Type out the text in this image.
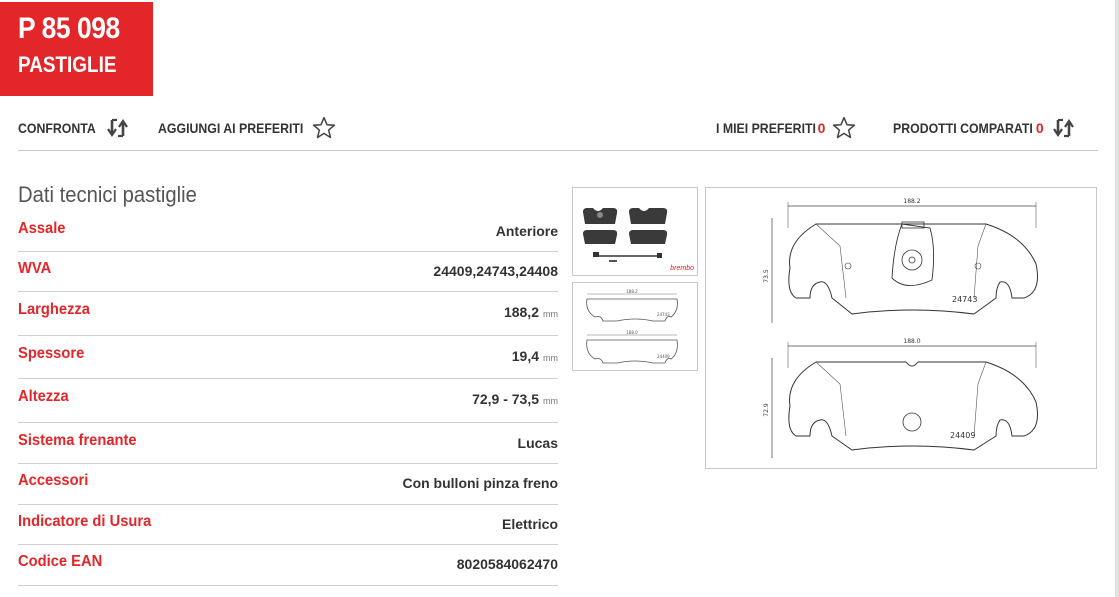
P 85 098
PASTIGLIE
CONFRONTA	AGGIUNGI AI PREFERITI	I MIEI PREFERITI 0	PRODOTTI COMPARATI 0
Dati tecnici pastiglie
Assale	Anteriore
WVA	24409,24743,24408
Larghezza	188,2 mm
Spessore	19,4 mm
Altezza	72,9 - 73,5 mm
Sistema frenante	Lucas
Accessori	Con bulloni pinza freno
Indicatore di Usura	Elettrico
Codice EAN	8020584062470
brembo
188.2
24743
188.0
24409
188.2
73.5
24743
188.0
72.9
24409
